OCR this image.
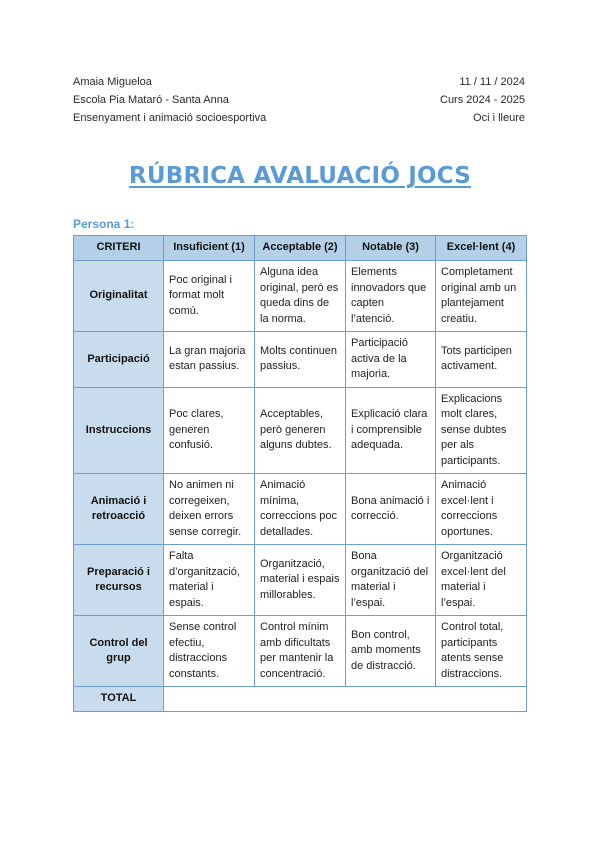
Amaia Migueloa	11 / 11 / 2024
Escola Pia Mataró - Santa Anna	Curs 2024 - 2025
Ensenyament i animació socioesportiva	Oci i lleure
RÚBRICA AVALUACIÓ JOCS
Persona 1:
CRITERI	Insuficient (1)	Acceptable (2)	Notable (3)	Excel·lent (4)
Originalitat	Poc original i format molt comú.	Alguna idea original, però es queda dins de la norma.	Elements innovadors que capten l’atenció.	Completament original amb un plantejament creatiu.
Participació	La gran majoria estan passius.	Molts continuen passius.	Participació activa de la majoria.	Tots participen activament.
Instruccions	Poc clares, generen confusió.	Acceptables, però generen alguns dubtes.	Explicació clara i comprensible adequada.	Explicacions molt clares, sense dubtes per als participants.
Animació i retroacció	No animen ni corregeixen, deixen errors sense corregir.	Animació mínima, correccions poc detallades.	Bona animació i correcció.	Animació excel·lent i correccions oportunes.
Preparació i recursos	Falta d’organització, material i espais.	Organització, material i espais millorables.	Bona organització del material i l’espai.	Organització excel·lent del material i l’espai.
Control del grup	Sense control efectiu, distraccions constants.	Control mínim amb dificultats per mantenir la concentració.	Bon control, amb moments de distracció.	Control total, participants atents sense distraccions.
TOTAL				
